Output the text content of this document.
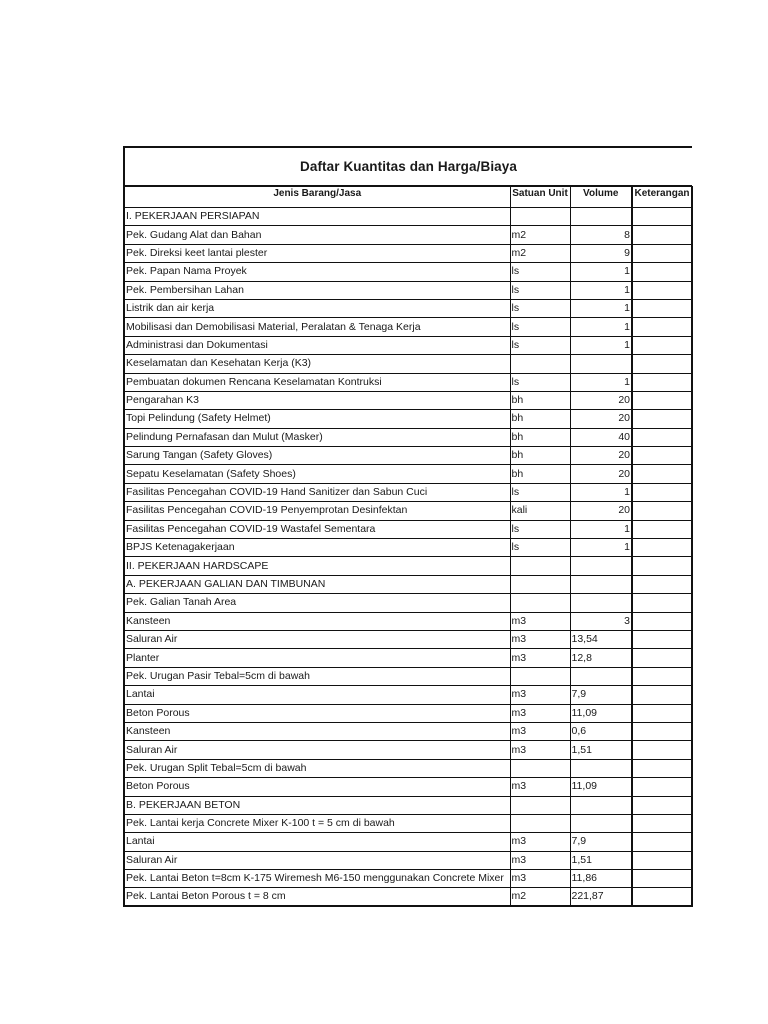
Daftar Kuantitas dan Harga/Biaya
Jenis Barang/Jasa	Satuan Unit	Volume	Keterangan
I. PEKERJAAN PERSIAPAN			
Pek. Gudang Alat dan Bahan	m2	8	
Pek. Direksi keet lantai plester	m2	9	
Pek. Papan Nama Proyek	ls	1	
Pek. Pembersihan Lahan	ls	1	
Listrik dan air kerja	ls	1	
Mobilisasi dan Demobilisasi Material, Peralatan & Tenaga Kerja	ls	1	
Administrasi dan Dokumentasi	ls	1	
Keselamatan dan Kesehatan Kerja (K3)			
Pembuatan dokumen Rencana Keselamatan Kontruksi	ls	1	
Pengarahan K3	bh	20	
Topi Pelindung (Safety Helmet)	bh	20	
Pelindung Pernafasan dan Mulut (Masker)	bh	40	
Sarung Tangan (Safety Gloves)	bh	20	
Sepatu Keselamatan (Safety Shoes)	bh	20	
Fasilitas Pencegahan COVID-19 Hand Sanitizer dan Sabun Cuci	ls	1	
Fasilitas Pencegahan COVID-19 Penyemprotan Desinfektan	kali	20	
Fasilitas Pencegahan COVID-19 Wastafel Sementara	ls	1	
BPJS Ketenagakerjaan	ls	1	
II. PEKERJAAN HARDSCAPE			
A. PEKERJAAN GALIAN DAN TIMBUNAN			
Pek. Galian Tanah Area			
Kansteen	m3	3	
Saluran Air	m3	13,54	
Planter	m3	12,8	
Pek. Urugan Pasir Tebal=5cm di bawah			
Lantai	m3	7,9	
Beton Porous	m3	11,09	
Kansteen	m3	0,6	
Saluran Air	m3	1,51	
Pek. Urugan Split Tebal=5cm di bawah			
Beton Porous	m3	11,09	
B. PEKERJAAN BETON			
Pek. Lantai kerja Concrete Mixer K-100 t = 5 cm di bawah			
Lantai	m3	7,9	
Saluran Air	m3	1,51	
Pek. Lantai Beton t=8cm K-175 Wiremesh M6-150 menggunakan Concrete Mixer	m3	11,86	
Pek. Lantai Beton Porous t = 8 cm	m2	221,87	
